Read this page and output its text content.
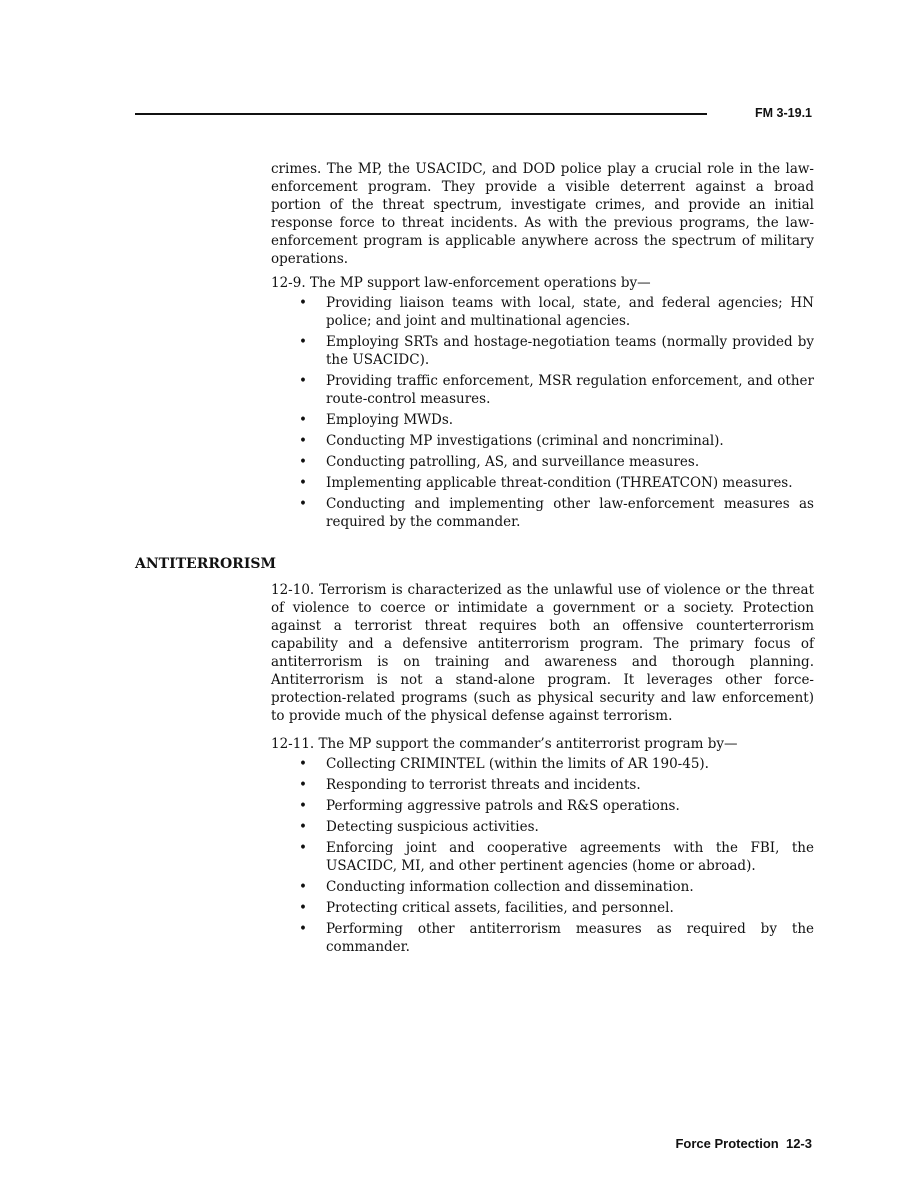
FM 3-19.1

crimes. The MP, the USACIDC, and DOD police play a crucial role in the law-enforcement program. They provide a visible deterrent against a broad portion of the threat spectrum, investigate crimes, and provide an initial response force to threat incidents. As with the previous programs, the law-enforcement program is applicable anywhere across the spectrum of military operations.

12-9. The MP support law-enforcement operations by—

• Providing liaison teams with local, state, and federal agencies; HN police; and joint and multinational agencies.
• Employing SRTs and hostage-negotiation teams (normally provided by the USACIDC).
• Providing traffic enforcement, MSR regulation enforcement, and other route-control measures.
• Employing MWDs.
• Conducting MP investigations (criminal and noncriminal).
• Conducting patrolling, AS, and surveillance measures.
• Implementing applicable threat-condition (THREATCON) measures.
• Conducting and implementing other law-enforcement measures as required by the commander.
ANTITERRORISM

12-10. Terrorism is characterized as the unlawful use of violence or the threat of violence to coerce or intimidate a government or a society. Protection against a terrorist threat requires both an offensive counterterrorism capability and a defensive antiterrorism program. The primary focus of antiterrorism is on training and awareness and thorough planning. Antiterrorism is not a stand-alone program. It leverages other force-protection-related programs (such as physical security and law enforcement) to provide much of the physical defense against terrorism.

12-11. The MP support the commander’s antiterrorist program by—

• Collecting CRIMINTEL (within the limits of AR 190-45).
• Responding to terrorist threats and incidents.
• Performing aggressive patrols and R&S operations.
• Detecting suspicious activities.
• Enforcing joint and cooperative agreements with the FBI, the USACIDC, MI, and other pertinent agencies (home or abroad).
• Conducting information collection and dissemination.
• Protecting critical assets, facilities, and personnel.
• Performing other antiterrorism measures as required by the commander.
Force Protection  12-3
